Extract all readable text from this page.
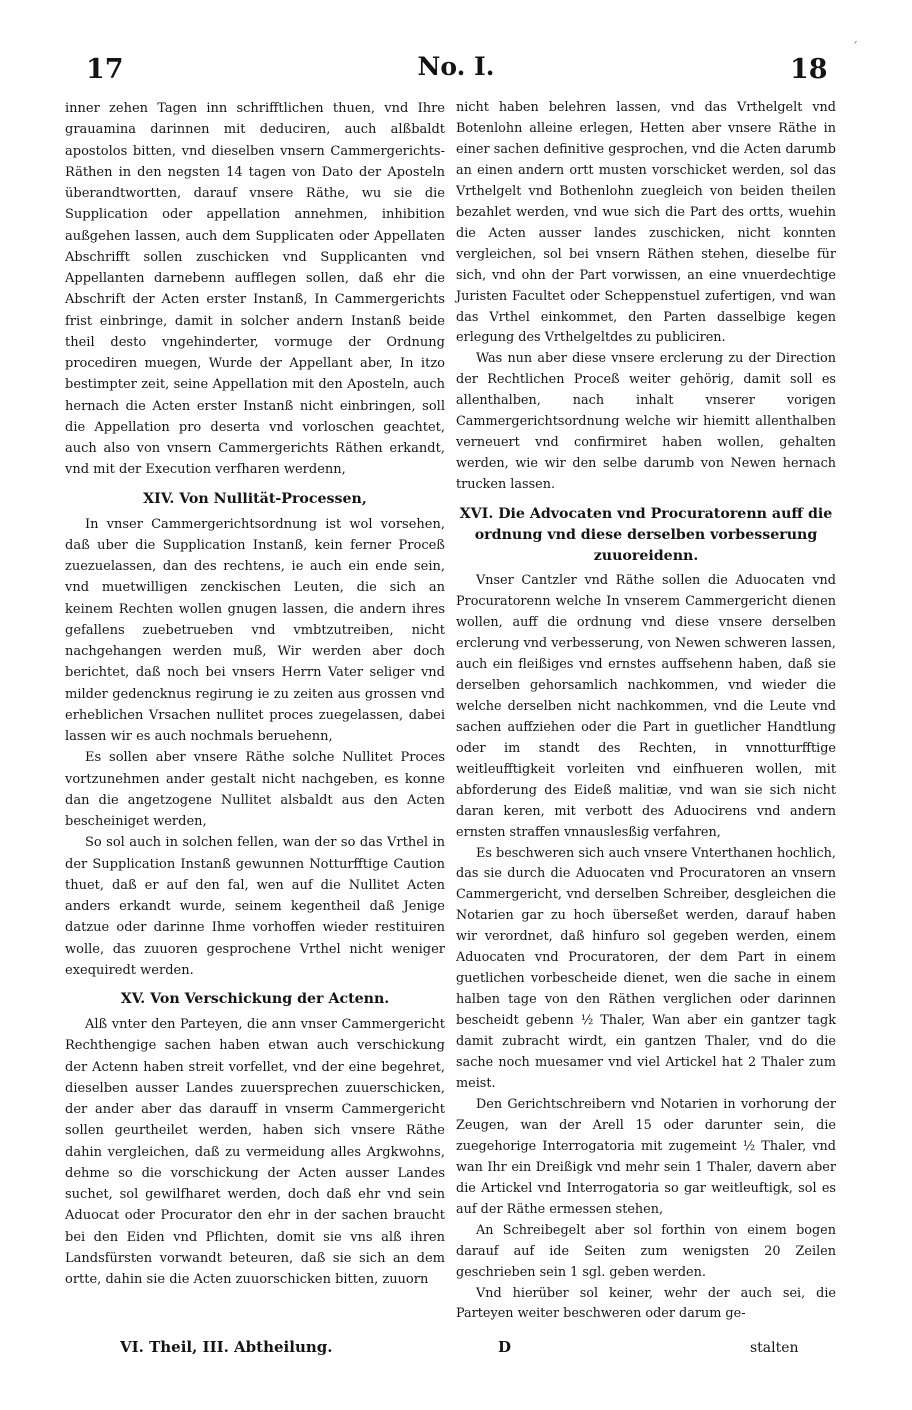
17	No. I.	18
ˊ

inner zehen Tagen inn schrifftlichen thuen, vnd Ihre grauamina darinnen mit deduciren, auch alßbaldt apostolos bitten, vnd dieselben vnsern Cammergerichts-Räthen in den negsten 14 tagen von Dato der Aposteln überandtwortten, darauf vnsere Räthe, wu sie die Supplication oder appellation annehmen, inhibition außgehen lassen, auch dem Supplicaten oder Appellaten Abschrifft sollen zuschicken vnd Supplicanten vnd Appellanten darnebenn aufflegen sollen, daß ehr die Abschrift der Acten erster Instanß, In Cammergerichts frist einbringe, damit in solcher andern Instanß beide theil desto vngehinderter, vormuge der Ordnung procediren muegen, Wurde der Appellant aber, In itzo bestimpter zeit, seine Appellation mit den Aposteln, auch hernach die Acten erster Instanß nicht einbringen, soll die Appellation pro deserta vnd vorloschen geachtet, auch also von vnsern Cammergerichts Räthen erkandt, vnd mit der Execution verfharen werdenn,

XIV. Von Nullität-Processen,

In vnser Cammergerichtsordnung ist wol vorsehen, daß uber die Supplication Instanß, kein ferner Proceß zuezuelassen, dan des rechtens, ie auch ein ende sein, vnd muetwilligen zenckischen Leuten, die sich an keinem Rechten wollen gnugen lassen, die andern ihres gefallens zuebetrueben vnd vmbtzutreiben, nicht nachgehangen werden muß, Wir werden aber doch berichtet, daß noch bei vnsers Herrn Vater seliger vnd milder gedencknus regirung ie zu zeiten aus grossen vnd erheblichen Vrsachen nullitet proces zuegelassen, dabei lassen wir es auch nochmals beruehenn,

Es sollen aber vnsere Räthe solche Nullitet Proces vortzunehmen ander gestalt nicht nachgeben, es konne dan die angetzogene Nullitet alsbaldt aus den Acten bescheiniget werden,

So sol auch in solchen fellen, wan der so das Vrthel in der Supplication Instanß gewunnen Notturfftige Caution thuet, daß er auf den fal, wen auf die Nullitet Acten anders erkandt wurde, seinem kegentheil daß Jenige datzue oder darinne Ihme vorhoffen wieder restituiren wolle, das zuuoren gesprochene Vrthel nicht weniger exequiredt werden.

XV. Von Verschickung der Actenn.

Alß vnter den Parteyen, die ann vnser Cammergericht Rechthengige sachen haben etwan auch verschickung der Actenn haben streit vorfellet, vnd der eine begehret, dieselben ausser Landes zuuersprechen zuuerschicken, der ander aber das darauff in vnserm Cammergericht sollen geurtheilet werden, haben sich vnsere Räthe dahin vergleichen, daß zu vermeidung alles Argkwohns, dehme so die vorschickung der Acten ausser Landes suchet, sol gewilfharet werden, doch daß ehr vnd sein Aduocat oder Procurator den ehr in der sachen braucht bei den Eiden vnd Pflichten, domit sie vns alß ihren Landsfürsten vorwandt beteuren, daß sie sich an dem ortte, dahin sie die Acten zuuorschicken bitten, zuuorn

nicht haben belehren lassen, vnd das Vrthelgelt vnd Botenlohn alleine erlegen, Hetten aber vnsere Räthe in einer sachen definitive gesprochen, vnd die Acten darumb an einen andern ortt musten vorschicket werden, sol das Vrthelgelt vnd Bothenlohn zuegleich von beiden theilen bezahlet werden, vnd wue sich die Part des ortts, wuehin die Acten ausser landes zuschicken, nicht konnten vergleichen, sol bei vnsern Räthen stehen, dieselbe für sich, vnd ohn der Part vorwissen, an eine vnuerdechtige Juristen Facultet oder Scheppenstuel zufertigen, vnd wan das Vrthel einkommet, den Parten dasselbige kegen erlegung des Vrthelgeltdes zu publiciren.

Was nun aber diese vnsere erclerung zu der Direction der Rechtlichen Proceß weiter gehörig, damit soll es allenthalben, nach inhalt vnserer vorigen Cammergerichtsordnung welche wir hiemitt allenthalben verneuert vnd confirmiret haben wollen, gehalten werden, wie wir den selbe darumb von Newen hernach trucken lassen.

XVI. Die Advocaten vnd Procuratorenn auff die ordnung vnd diese derselben vorbesserung zuuoreidenn.

Vnser Cantzler vnd Räthe sollen die Aduocaten vnd Procuratorenn welche In vnserem Cammergericht dienen wollen, auff die ordnung vnd diese vnsere derselben erclerung vnd verbesserung, von Newen schweren lassen, auch ein fleißiges vnd ernstes auffsehenn haben, daß sie derselben gehorsamlich nachkommen, vnd wieder die welche derselben nicht nachkommen, vnd die Leute vnd sachen auffziehen oder die Part in guetlicher Handtlung oder im standt des Rechten, in vnnotturfftige weitleufftigkeit vorleiten vnd einfhueren wollen, mit abforderung des Eideß malitiæ, vnd wan sie sich nicht daran keren, mit verbott des Aduocirens vnd andern ernsten straffen vnnauslesßig verfahren,

Es beschweren sich auch vnsere Vnterthanen hochlich, das sie durch die Aduocaten vnd Procuratoren an vnsern Cammergericht, vnd derselben Schreiber, desgleichen die Notarien gar zu hoch überseßet werden, darauf haben wir verordnet, daß hinfuro sol gegeben werden, einem Aduocaten vnd Procuratoren, der dem Part in einem guetlichen vorbescheide dienet, wen die sache in einem halben tage von den Räthen verglichen oder darinnen bescheidt gebenn ½ Thaler, Wan aber ein gantzer tagk damit zubracht wirdt, ein gantzen Thaler, vnd do die sache noch muesamer vnd viel Artickel hat 2 Thaler zum meist.

Den Gerichtschreibern vnd Notarien in vorhorung der Zeugen, wan der Arell 15 oder darunter sein, die zuegehorige Interrogatoria mit zugemeint ½ Thaler, vnd wan Ihr ein Dreißigk vnd mehr sein 1 Thaler, davern aber die Artickel vnd Interrogatoria so gar weitleuftigk, sol es auf der Räthe ermessen stehen,

An Schreibegelt aber sol forthin von einem bogen darauf auf ide Seiten zum wenigsten 20 Zeilen geschrieben sein 1 sgl. geben werden.

Vnd hierüber sol keiner, wehr der auch sei, die Parteyen weiter beschweren oder darum ge-

VI. Theil, III. Abtheilung.	D	stalten
